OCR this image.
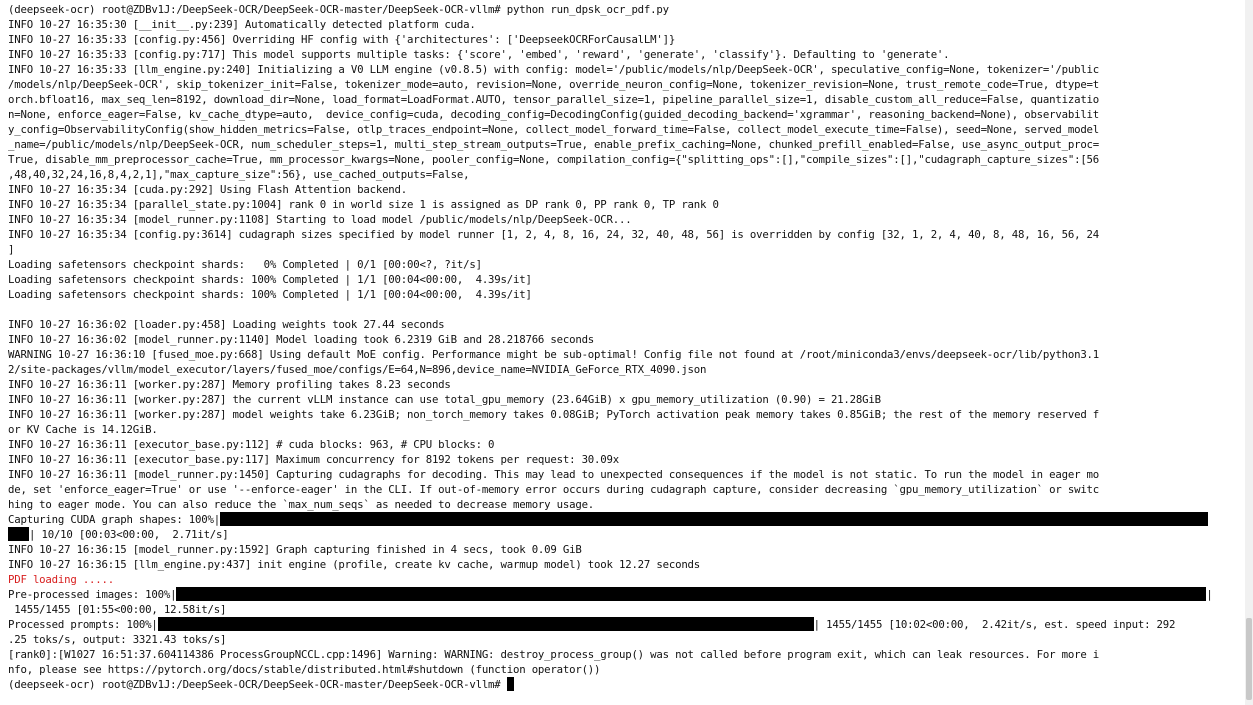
(deepseek-ocr) root@ZDBv1J:/DeepSeek-OCR/DeepSeek-OCR-master/DeepSeek-OCR-vllm# python run_dpsk_ocr_pdf.py
INFO 10-27 16:35:30 [__init__.py:239] Automatically detected platform cuda.
INFO 10-27 16:35:33 [config.py:456] Overriding HF config with {'architectures': ['DeepseekOCRForCausalLM']}
INFO 10-27 16:35:33 [config.py:717] This model supports multiple tasks: {'score', 'embed', 'reward', 'generate', 'classify'}. Defaulting to 'generate'.
INFO 10-27 16:35:33 [llm_engine.py:240] Initializing a V0 LLM engine (v0.8.5) with config: model='/public/models/nlp/DeepSeek-OCR', speculative_config=None, tokenizer='/public
/models/nlp/DeepSeek-OCR', skip_tokenizer_init=False, tokenizer_mode=auto, revision=None, override_neuron_config=None, tokenizer_revision=None, trust_remote_code=True, dtype=t
orch.bfloat16, max_seq_len=8192, download_dir=None, load_format=LoadFormat.AUTO, tensor_parallel_size=1, pipeline_parallel_size=1, disable_custom_all_reduce=False, quantizatio
n=None, enforce_eager=False, kv_cache_dtype=auto,  device_config=cuda, decoding_config=DecodingConfig(guided_decoding_backend='xgrammar', reasoning_backend=None), observabilit
y_config=ObservabilityConfig(show_hidden_metrics=False, otlp_traces_endpoint=None, collect_model_forward_time=False, collect_model_execute_time=False), seed=None, served_model
_name=/public/models/nlp/DeepSeek-OCR, num_scheduler_steps=1, multi_step_stream_outputs=True, enable_prefix_caching=None, chunked_prefill_enabled=False, use_async_output_proc=
True, disable_mm_preprocessor_cache=True, mm_processor_kwargs=None, pooler_config=None, compilation_config={"splitting_ops":[],"compile_sizes":[],"cudagraph_capture_sizes":[56
,48,40,32,24,16,8,4,2,1],"max_capture_size":56}, use_cached_outputs=False,
INFO 10-27 16:35:34 [cuda.py:292] Using Flash Attention backend.
INFO 10-27 16:35:34 [parallel_state.py:1004] rank 0 in world size 1 is assigned as DP rank 0, PP rank 0, TP rank 0
INFO 10-27 16:35:34 [model_runner.py:1108] Starting to load model /public/models/nlp/DeepSeek-OCR...
INFO 10-27 16:35:34 [config.py:3614] cudagraph sizes specified by model runner [1, 2, 4, 8, 16, 24, 32, 40, 48, 56] is overridden by config [32, 1, 2, 4, 40, 8, 48, 16, 56, 24
]
Loading safetensors checkpoint shards:   0% Completed | 0/1 [00:00<?, ?it/s]
Loading safetensors checkpoint shards: 100% Completed | 1/1 [00:04<00:00,  4.39s/it]
Loading safetensors checkpoint shards: 100% Completed | 1/1 [00:04<00:00,  4.39s/it]
INFO 10-27 16:36:02 [loader.py:458] Loading weights took 27.44 seconds
INFO 10-27 16:36:02 [model_runner.py:1140] Model loading took 6.2319 GiB and 28.218766 seconds
WARNING 10-27 16:36:10 [fused_moe.py:668] Using default MoE config. Performance might be sub-optimal! Config file not found at /root/miniconda3/envs/deepseek-ocr/lib/python3.1
2/site-packages/vllm/model_executor/layers/fused_moe/configs/E=64,N=896,device_name=NVIDIA_GeForce_RTX_4090.json
INFO 10-27 16:36:11 [worker.py:287] Memory profiling takes 8.23 seconds
INFO 10-27 16:36:11 [worker.py:287] the current vLLM instance can use total_gpu_memory (23.64GiB) x gpu_memory_utilization (0.90) = 21.28GiB
INFO 10-27 16:36:11 [worker.py:287] model weights take 6.23GiB; non_torch_memory takes 0.08GiB; PyTorch activation peak memory takes 0.85GiB; the rest of the memory reserved f
or KV Cache is 14.12GiB.
INFO 10-27 16:36:11 [executor_base.py:112] # cuda blocks: 963, # CPU blocks: 0
INFO 10-27 16:36:11 [executor_base.py:117] Maximum concurrency for 8192 tokens per request: 30.09x
INFO 10-27 16:36:11 [model_runner.py:1450] Capturing cudagraphs for decoding. This may lead to unexpected consequences if the model is not static. To run the model in eager mo
de, set 'enforce_eager=True' or use '--enforce-eager' in the CLI. If out-of-memory error occurs during cudagraph capture, consider decreasing `gpu_memory_utilization` or switc
hing to eager mode. You can also reduce the `max_num_seqs` as needed to decrease memory usage.
Capturing CUDA graph shapes: 100%|
| 10/10 [00:03<00:00,  2.71it/s]
INFO 10-27 16:36:15 [model_runner.py:1592] Graph capturing finished in 4 secs, took 0.09 GiB
INFO 10-27 16:36:15 [llm_engine.py:437] init engine (profile, create kv cache, warmup model) took 12.27 seconds
PDF loading .....
Pre-processed images: 100%|	|
1455/1455 [01:55<00:00, 12.58it/s]
Processed prompts: 100%|	| 1455/1455 [10:02<00:00,  2.42it/s, est. speed input: 292
.25 toks/s, output: 3321.43 toks/s]
[rank0]:[W1027 16:51:37.604114386 ProcessGroupNCCL.cpp:1496] Warning: WARNING: destroy_process_group() was not called before program exit, which can leak resources. For more i
nfo, please see https://pytorch.org/docs/stable/distributed.html#shutdown (function operator())
(deepseek-ocr) root@ZDBv1J:/DeepSeek-OCR/DeepSeek-OCR-master/DeepSeek-OCR-vllm#
